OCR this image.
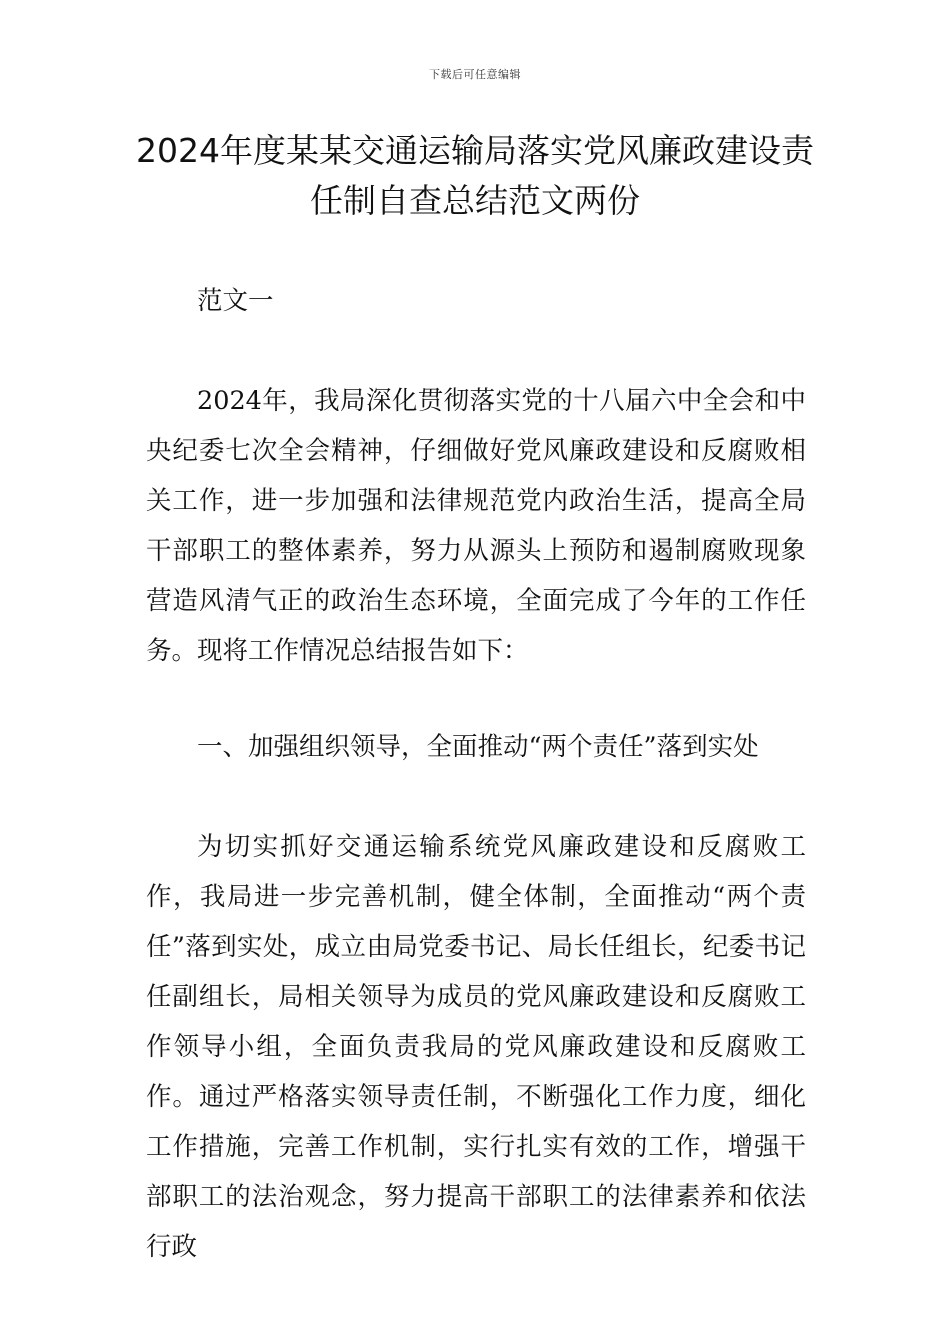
下载后可任意编辑
2024年度某某交通运输局落实党风廉政建设责任制自查总结范文两份

范文一

2024年，我局深化贯彻落实党的十八届六中全会和中央纪委七次全会精神，仔细做好党风廉政建设和反腐败相关工作，进一步加强和法律规范党内政治生活，提高全局干部职工的整体素养，努力从源头上预防和遏制腐败现象营造风清气正的政治生态环境，全面完成了今年的工作任务。现将工作情况总结报告如下：

一、加强组织领导，全面推动“两个责任”落到实处

为切实抓好交通运输系统党风廉政建设和反腐败工作，我局进一步完善机制，健全体制，全面推动“两个责任”落到实处，成立由局党委书记、局长任组长，纪委书记任副组长，局相关领导为成员的党风廉政建设和反腐败工作领导小组，全面负责我局的党风廉政建设和反腐败工作。通过严格落实领导责任制，不断强化工作力度，细化工作措施，完善工作机制，实行扎实有效的工作，增强干部职工的法治观念，努力提高干部职工的法律素养和依法行政
